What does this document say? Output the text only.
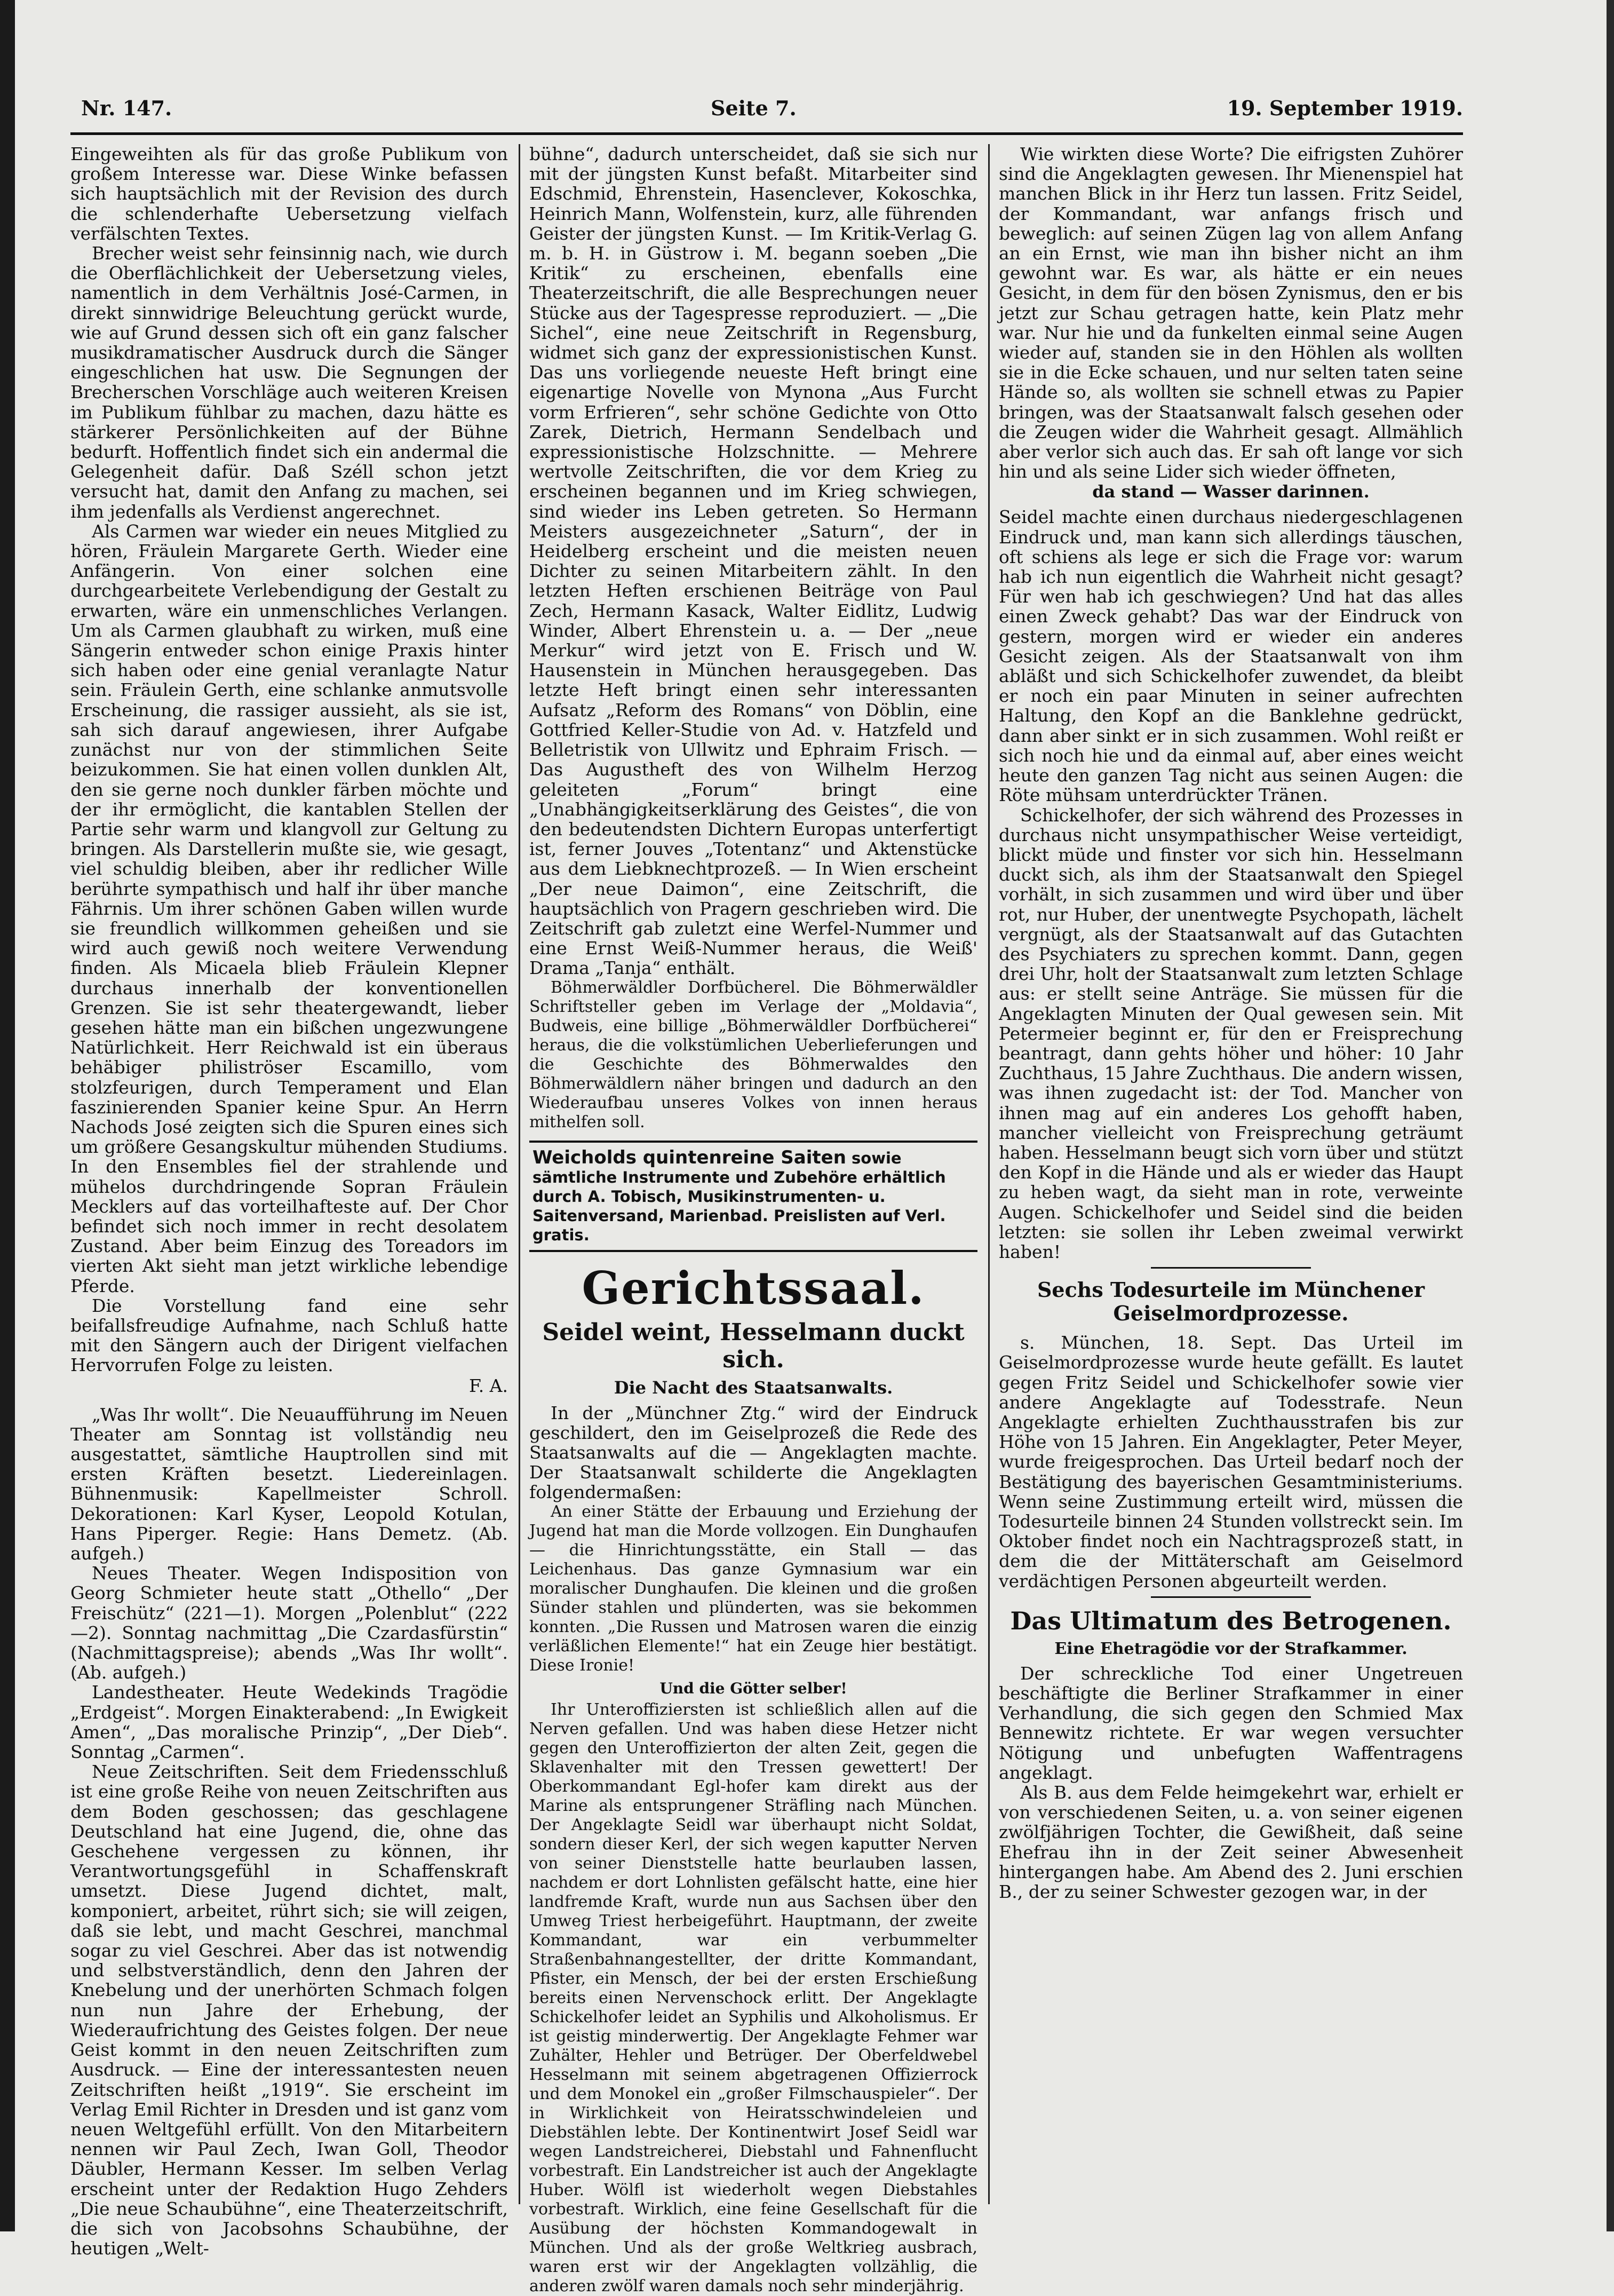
Nr. 147.	Seite 7.	19. September 1919.

Eingeweihten als für das große Publikum von großem Interesse war. Diese Winke befassen sich hauptsächlich mit der Revision des durch die schlenderhafte Uebersetzung vielfach verfälschten Textes.

Brecher weist sehr feinsinnig nach, wie durch die Oberflächlichkeit der Uebersetzung vieles, namentlich in dem Verhältnis José-Carmen, in direkt sinnwidrige Beleuchtung gerückt wurde, wie auf Grund dessen sich oft ein ganz falscher musikdramatischer Ausdruck durch die Sänger eingeschlichen hat usw. Die Segnungen der Brecherschen Vorschläge auch weiteren Kreisen im Publikum fühlbar zu machen, dazu hätte es stärkerer Persönlichkeiten auf der Bühne bedurft. Hoffentlich findet sich ein andermal die Gelegenheit dafür. Daß Széll schon jetzt versucht hat, damit den Anfang zu machen, sei ihm jedenfalls als Verdienst angerechnet.

Als Carmen war wieder ein neues Mitglied zu hören, Fräulein Margarete Gerth. Wieder eine Anfängerin. Von einer solchen eine durchgearbeitete Verlebendigung der Gestalt zu erwarten, wäre ein unmenschliches Verlangen. Um als Carmen glaubhaft zu wirken, muß eine Sängerin entweder schon einige Praxis hinter sich haben oder eine genial veranlagte Natur sein. Fräulein Gerth, eine schlanke anmutsvolle Erscheinung, die rassiger aussieht, als sie ist, sah sich darauf angewiesen, ihrer Aufgabe zunächst nur von der stimmlichen Seite beizukommen. Sie hat einen vollen dunklen Alt, den sie gerne noch dunkler färben möchte und der ihr ermöglicht, die kantablen Stellen der Partie sehr warm und klangvoll zur Geltung zu bringen. Als Darstellerin mußte sie, wie gesagt, viel schuldig bleiben, aber ihr redlicher Wille berührte sympathisch und half ihr über manche Fährnis. Um ihrer schönen Gaben willen wurde sie freundlich willkommen geheißen und sie wird auch gewiß noch weitere Verwendung finden. Als Micaela blieb Fräulein Klepner durchaus innerhalb der konventionellen Grenzen. Sie ist sehr theatergewandt, lieber gesehen hätte man ein bißchen ungezwungene Natürlichkeit. Herr Reichwald ist ein überaus behäbiger philiströser Escamillo, vom stolzfeurigen, durch Temperament und Elan faszinierenden Spanier keine Spur. An Herrn Nachods José zeigten sich die Spuren eines sich um größere Gesangskultur mühenden Studiums. In den Ensembles fiel der strahlende und mühelos durchdringende Sopran Fräulein Mecklers auf das vorteilhafteste auf. Der Chor befindet sich noch immer in recht desolatem Zustand. Aber beim Einzug des Toreadors im vierten Akt sieht man jetzt wirkliche lebendige Pferde.

Die Vorstellung fand eine sehr beifallsfreudige Aufnahme, nach Schluß hatte mit den Sängern auch der Dirigent vielfachen Hervorrufen Folge zu leisten.

F. A.

„Was Ihr wollt“. Die Neuaufführung im Neuen Theater am Sonntag ist vollständig neu ausgestattet, sämtliche Hauptrollen sind mit ersten Kräften besetzt. Liedereinlagen. Bühnenmusik: Kapellmeister Schroll. Dekorationen: Karl Kyser, Leopold Kotulan, Hans Piperger. Regie: Hans Demetz. (Ab. aufgeh.)

Neues Theater. Wegen Indisposition von Georg Schmieter heute statt „Othello“ „Der Freischütz“ (221—1). Morgen „Polenblut“ (222—2). Sonntag nachmittag „Die Czardasfürstin“ (Nachmittagspreise); abends „Was Ihr wollt“. (Ab. aufgeh.)

Landestheater. Heute Wedekinds Tragödie „Erdgeist“. Morgen Einakterabend: „In Ewigkeit Amen“, „Das moralische Prinzip“, „Der Dieb“. Sonntag „Carmen“.

Neue Zeitschriften. Seit dem Friedensschluß ist eine große Reihe von neuen Zeitschriften aus dem Boden geschossen; das geschlagene Deutschland hat eine Jugend, die, ohne das Geschehene vergessen zu können, ihr Verantwortungsgefühl in Schaffenskraft umsetzt. Diese Jugend dichtet, malt, komponiert, arbeitet, rührt sich; sie will zeigen, daß sie lebt, und macht Geschrei, manchmal sogar zu viel Geschrei. Aber das ist notwendig und selbstverständlich, denn den Jahren der Knebelung und der unerhörten Schmach folgen nun nun Jahre der Erhebung, der Wiederaufrichtung des Geistes folgen. Der neue Geist kommt in den neuen Zeitschriften zum Ausdruck. — Eine der interessantesten neuen Zeitschriften heißt „1919“. Sie erscheint im Verlag Emil Richter in Dresden und ist ganz vom neuen Weltgefühl erfüllt. Von den Mitarbeitern nennen wir Paul Zech, Iwan Goll, Theodor Däubler, Hermann Kesser. Im selben Verlag erscheint unter der Redaktion Hugo Zehders „Die neue Schaubühne“, eine Theaterzeitschrift, die sich von Jacobsohns Schaubühne, der heutigen „Welt-

bühne“, dadurch unterscheidet, daß sie sich nur mit der jüngsten Kunst befaßt. Mitarbeiter sind Edschmid, Ehrenstein, Hasenclever, Kokoschka, Heinrich Mann, Wolfenstein, kurz, alle führenden Geister der jüngsten Kunst. — Im Kritik-Verlag G. m. b. H. in Güstrow i. M. begann soeben „Die Kritik“ zu erscheinen, ebenfalls eine Theaterzeitschrift, die alle Besprechungen neuer Stücke aus der Tagespresse reproduziert. — „Die Sichel“, eine neue Zeitschrift in Regensburg, widmet sich ganz der expressionistischen Kunst. Das uns vorliegende neueste Heft bringt eine eigenartige Novelle von Mynona „Aus Furcht vorm Erfrieren“, sehr schöne Gedichte von Otto Zarek, Dietrich, Hermann Sendelbach und expressionistische Holzschnitte. — Mehrere wertvolle Zeitschriften, die vor dem Krieg zu erscheinen begannen und im Krieg schwiegen, sind wieder ins Leben getreten. So Hermann Meisters ausgezeichneter „Saturn“, der in Heidelberg erscheint und die meisten neuen Dichter zu seinen Mitarbeitern zählt. In den letzten Heften erschienen Beiträge von Paul Zech, Hermann Kasack, Walter Eidlitz, Ludwig Winder, Albert Ehrenstein u. a. — Der „neue Merkur“ wird jetzt von E. Frisch und W. Hausenstein in München herausgegeben. Das letzte Heft bringt einen sehr interessanten Aufsatz „Reform des Romans“ von Döblin, eine Gottfried Keller-Studie von Ad. v. Hatzfeld und Belletristik von Ullwitz und Ephraim Frisch. — Das Augustheft des von Wilhelm Herzog geleiteten „Forum“ bringt eine „Unabhängigkeitserklärung des Geistes“, die von den bedeutendsten Dichtern Europas unterfertigt ist, ferner Jouves „Totentanz“ und Aktenstücke aus dem Liebknechtprozeß. — In Wien erscheint „Der neue Daimon“, eine Zeitschrift, die hauptsächlich von Pragern geschrieben wird. Die Zeitschrift gab zuletzt eine Werfel-Nummer und eine Ernst Weiß-Nummer heraus, die Weiß' Drama „Tanja“ enthält.

Böhmerwäldler Dorfbücherel. Die Böhmerwäldler Schriftsteller geben im Verlage der „Moldavia“, Budweis, eine billige „Böhmerwäldler Dorfbücherei“ heraus, die die volkstümlichen Ueberlieferungen und die Geschichte des Böhmerwaldes den Böhmerwäldlern näher bringen und dadurch an den Wiederaufbau unseres Volkes von innen heraus mithelfen soll.

Weicholds quintenreine Saiten sowie sämtliche Instrumente und Zubehöre erhältlich durch A. Tobisch, Musikinstrumenten- u. Saitenversand, Marienbad. Preislisten auf Verl. gratis.
Gerichtssaal.
Seidel weint, Hesselmann duckt sich.
Die Nacht des Staatsanwalts.

In der „Münchner Ztg.“ wird der Eindruck geschildert, den im Geiselprozeß die Rede des Staatsanwalts auf die — Angeklagten machte. Der Staatsanwalt schilderte die Angeklagten folgendermaßen:

An einer Stätte der Erbauung und Erziehung der Jugend hat man die Morde vollzogen. Ein Dunghaufen — die Hinrichtungsstätte, ein Stall — das Leichenhaus. Das ganze Gymnasium war ein moralischer Dunghaufen. Die kleinen und die großen Sünder stahlen und plünderten, was sie bekommen konnten. „Die Russen und Matrosen waren die einzig verläßlichen Elemente!“ hat ein Zeuge hier bestätigt. Diese Ironie!

Und die Götter selber!

Ihr Unteroffiziersten ist schließlich allen auf die Nerven gefallen. Und was haben diese Hetzer nicht gegen den Unteroffizierton der alten Zeit, gegen die Sklavenhalter mit den Tressen gewettert! Der Oberkommandant Egl-hofer kam direkt aus der Marine als entsprungener Sträfling nach München. Der Angeklagte Seidl war überhaupt nicht Soldat, sondern dieser Kerl, der sich wegen kaputter Nerven von seiner Dienststelle hatte beurlauben lassen, nachdem er dort Lohnlisten gefälscht hatte, eine hier landfremde Kraft, wurde nun aus Sachsen über den Umweg Triest herbeigeführt. Hauptmann, der zweite Kommandant, war ein verbummelter Straßenbahnangestellter, der dritte Kommandant, Pfister, ein Mensch, der bei der ersten Erschießung bereits einen Nervenschock erlitt. Der Angeklagte Schickelhofer leidet an Syphilis und Alkoholismus. Er ist geistig minderwertig. Der Angeklagte Fehmer war Zuhälter, Hehler und Betrüger. Der Oberfeldwebel Hesselmann mit seinem abgetragenen Offizierrock und dem Monokel ein „großer Filmschauspieler“. Der in Wirklichkeit von Heiratsschwindeleien und Diebstählen lebte. Der Kontinentwirt Josef Seidl war wegen Landstreicherei, Diebstahl und Fahnenflucht vorbestraft. Ein Landstreicher ist auch der Angeklagte Huber. Wölfl ist wiederholt wegen Diebstahles vorbestraft. Wirklich, eine feine Gesellschaft für die Ausübung der höchsten Kommandogewalt in München. Und als der große Weltkrieg ausbrach, waren erst wir der Angeklagten vollzählig, die anderen zwölf waren damals noch sehr minderjährig.

Wie wirkten diese Worte? Die eifrigsten Zuhörer sind die Angeklagten gewesen. Ihr Mienenspiel hat manchen Blick in ihr Herz tun lassen. Fritz Seidel, der Kommandant, war anfangs frisch und beweglich: auf seinen Zügen lag von allem Anfang an ein Ernst, wie man ihn bisher nicht an ihm gewohnt war. Es war, als hätte er ein neues Gesicht, in dem für den bösen Zynismus, den er bis jetzt zur Schau getragen hatte, kein Platz mehr war. Nur hie und da funkelten einmal seine Augen wieder auf, standen sie in den Höhlen als wollten sie in die Ecke schauen, und nur selten taten seine Hände so, als wollten sie schnell etwas zu Papier bringen, was der Staatsanwalt falsch gesehen oder die Zeugen wider die Wahrheit gesagt. Allmählich aber verlor sich auch das. Er sah oft lange vor sich hin und als seine Lider sich wieder öffneten,

da stand — Wasser darinnen.

Seidel machte einen durchaus niedergeschlagenen Eindruck und, man kann sich allerdings täuschen, oft schiens als lege er sich die Frage vor: warum hab ich nun eigentlich die Wahrheit nicht gesagt? Für wen hab ich geschwiegen? Und hat das alles einen Zweck gehabt? Das war der Eindruck von gestern, morgen wird er wieder ein anderes Gesicht zeigen. Als der Staatsanwalt von ihm abläßt und sich Schickelhofer zuwendet, da bleibt er noch ein paar Minuten in seiner aufrechten Haltung, den Kopf an die Banklehne gedrückt, dann aber sinkt er in sich zusammen. Wohl reißt er sich noch hie und da einmal auf, aber eines weicht heute den ganzen Tag nicht aus seinen Augen: die Röte mühsam unterdrückter Tränen.

Schickelhofer, der sich während des Prozesses in durchaus nicht unsympathischer Weise verteidigt, blickt müde und finster vor sich hin. Hesselmann duckt sich, als ihm der Staatsanwalt den Spiegel vorhält, in sich zusammen und wird über und über rot, nur Huber, der unentwegte Psychopath, lächelt vergnügt, als der Staatsanwalt auf das Gutachten des Psychiaters zu sprechen kommt. Dann, gegen drei Uhr, holt der Staatsanwalt zum letzten Schlage aus: er stellt seine Anträge. Sie müssen für die Angeklagten Minuten der Qual gewesen sein. Mit Petermeier beginnt er, für den er Freisprechung beantragt, dann gehts höher und höher: 10 Jahr Zuchthaus, 15 Jahre Zuchthaus. Die andern wissen, was ihnen zugedacht ist: der Tod. Mancher von ihnen mag auf ein anderes Los gehofft haben, mancher vielleicht von Freisprechung geträumt haben. Hesselmann beugt sich vorn über und stützt den Kopf in die Hände und als er wieder das Haupt zu heben wagt, da sieht man in rote, verweinte Augen. Schickelhofer und Seidel sind die beiden letzten: sie sollen ihr Leben zweimal verwirkt haben!

Sechs Todesurteile im Münchener Geiselmordprozesse.

s. München, 18. Sept. Das Urteil im Geiselmordprozesse wurde heute gefällt. Es lautet gegen Fritz Seidel und Schickelhofer sowie vier andere Angeklagte auf Todesstrafe. Neun Angeklagte erhielten Zuchthausstrafen bis zur Höhe von 15 Jahren. Ein Angeklagter, Peter Meyer, wurde freigesprochen. Das Urteil bedarf noch der Bestätigung des bayerischen Gesamtministeriums. Wenn seine Zustimmung erteilt wird, müssen die Todesurteile binnen 24 Stunden vollstreckt sein. Im Oktober findet noch ein Nachtragsprozeß statt, in dem die der Mittäterschaft am Geiselmord verdächtigen Personen abgeurteilt werden.

Das Ultimatum des Betrogenen.
Eine Ehetragödie vor der Strafkammer.

Der schreckliche Tod einer Ungetreuen beschäftigte die Berliner Strafkammer in einer Verhandlung, die sich gegen den Schmied Max Bennewitz richtete. Er war wegen versuchter Nötigung und unbefugten Waffentragens angeklagt.

Als B. aus dem Felde heimgekehrt war, erhielt er von verschiedenen Seiten, u. a. von seiner eigenen zwölfjährigen Tochter, die Gewißheit, daß seine Ehefrau ihn in der Zeit seiner Abwesenheit hintergangen habe. Am Abend des 2. Juni erschien B., der zu seiner Schwester gezogen war, in der
